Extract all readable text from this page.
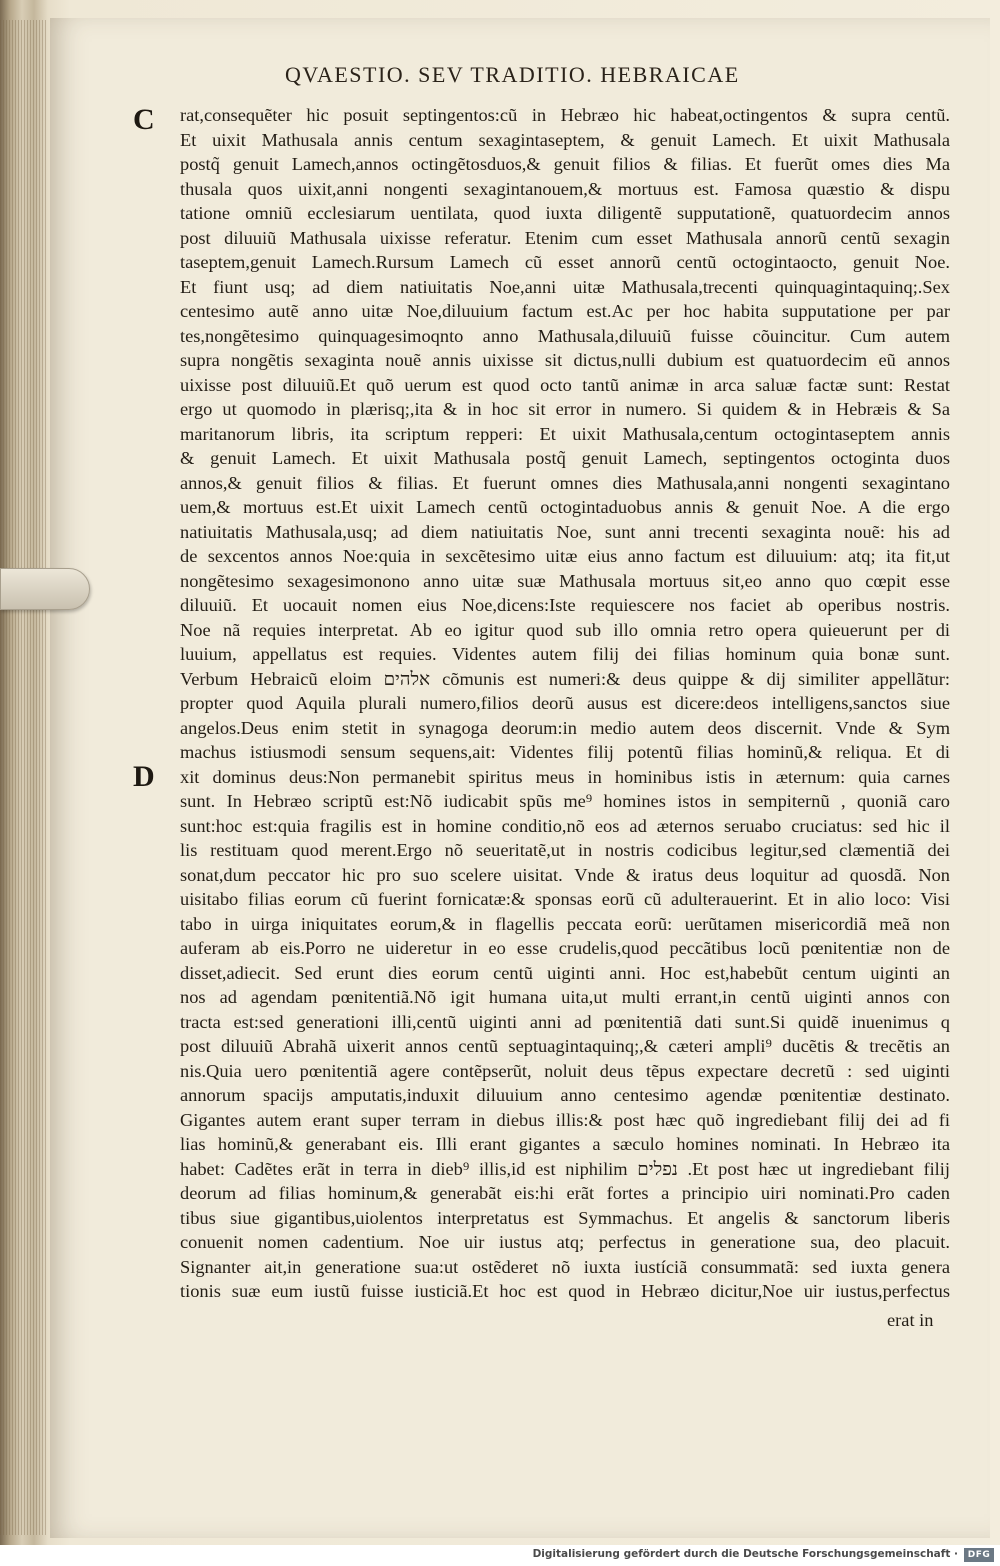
QVAESTIO. SEV TRADITIO. HEBRAICAE
C
D
rat,consequẽter hic posuit septingentos:cũ in Hebræo hic habeat,octingentos & supra centũ.
Et uixit Mathusala annis centum sexagintaseptem, & genuit Lamech. Et uixit Mathusala
postq̃ genuit Lamech,annos octingẽtosduos,& genuit filios & filias. Et fuerũt omes dies Ma
thusala quos uixit,anni nongenti sexagintanouem,& mortuus est. Famosa quæstio & dispu
tatione omniũ ecclesiarum uentilata, quod iuxta diligentẽ supputationẽ, quatuordecim annos
post diluuiũ Mathusala uixisse referatur. Etenim cum esset Mathusala annorũ centũ sexagin
taseptem,genuit Lamech.Rursum Lamech cũ esset annorũ centũ octogintaocto, genuit Noe.
Et fiunt usq; ad diem natiuitatis Noe,anni uitæ Mathusala,trecenti quinquagintaquinq;.Sex
centesimo autẽ anno uitæ Noe,diluuium factum est.Ac per hoc habita supputatione per par
tes,nongẽtesimo quinquagesimoqnto anno Mathusala,diluuiũ fuisse cõuincitur. Cum autem
supra nongẽtis sexaginta nouẽ annis uixisse sit dictus,nulli dubium est quatuordecim eũ annos
uixisse post diluuiũ.Et quõ uerum est quod octo tantũ animæ in arca saluæ factæ sunt: Restat
ergo ut quomodo in plærisq;,ita & in hoc sit error in numero. Si quidem & in Hebræis & Sa
maritanorum libris, ita scriptum repperi: Et uixit Mathusala,centum octogintaseptem annis
& genuit Lamech. Et uixit Mathusala postq̃ genuit Lamech, septingentos octoginta duos
annos,& genuit filios & filias. Et fuerunt omnes dies Mathusala,anni nongenti sexagintano
uem,& mortuus est.Et uixit Lamech centũ octogintaduobus annis & genuit Noe. A die ergo
natiuitatis Mathusala,usq; ad diem natiuitatis Noe, sunt anni trecenti sexaginta nouẽ: his ad
de sexcentos annos Noe:quia in sexcẽtesimo uitæ eius anno factum est diluuium: atq; ita fit,ut
nongẽtesimo sexagesimonono anno uitæ suæ Mathusala mortuus sit,eo anno quo cœpit esse
diluuiũ. Et uocauit nomen eius Noe,dicens:Iste requiescere nos faciet ab operibus nostris.
Noe nã requies interpretat. Ab eo igitur quod sub illo omnia retro opera quieuerunt per di
luuium, appellatus est requies. Videntes autem filij dei filias hominum quia bonæ sunt.
Verbum Hebraicũ eloim אלהים cõmunis est numeri:& deus quippe & dij similiter appellãtur:
propter quod Aquila plurali numero,filios deorũ ausus est dicere:deos intelligens,sanctos siue
angelos.Deus enim stetit in synagoga deorum:in medio autem deos discernit. Vnde & Sym
machus istiusmodi sensum sequens,ait: Videntes filij potentũ filias hominũ,& reliqua. Et di
xit dominus deus:Non permanebit spiritus meus in hominibus istis in æternum: quia carnes
sunt. In Hebræo scriptũ est:Nõ iudicabit spũs me⁹ homines istos in sempiternũ , quoniã caro
sunt:hoc est:quia fragilis est in homine conditio,nõ eos ad æternos seruabo cruciatus: sed hic il
lis restituam quod merent.Ergo nõ seueritatẽ,ut in nostris codicibus legitur,sed clæmentiã dei
sonat,dum peccator hic pro suo scelere uisitat. Vnde & iratus deus loquitur ad quosdã. Non
uisitabo filias eorum cũ fuerint fornicatæ:& sponsas eorũ cũ adulterauerint. Et in alio loco: Visi
tabo in uirga iniquitates eorum,& in flagellis peccata eorũ: uerũtamen misericordiã meã non
auferam ab eis.Porro ne uideretur in eo esse crudelis,quod peccãtibus locũ pœnitentiæ non de
disset,adiecit. Sed erunt dies eorum centũ uiginti anni. Hoc est,habebũt centum uiginti an
nos ad agendam pœnitentiã.Nõ igit humana uita,ut multi errant,in centũ uiginti annos con
tracta est:sed generationi illi,centũ uiginti anni ad pœnitentiã dati sunt.Si quidẽ inuenimus q
post diluuiũ Abrahã uixerit annos centũ septuagintaquinq;,& cæteri ampli⁹ ducẽtis & trecẽtis an
nis.Quia uero pœnitentiã agere contẽpserũt, noluit deus tẽpus expectare decretũ : sed uiginti
annorum spacijs amputatis,induxit diluuium anno centesimo agendæ pœnitentiæ destinato.
Gigantes autem erant super terram in diebus illis:& post hæc quõ ingrediebant filij dei ad fi
lias hominũ,& generabant eis. Illi erant gigantes a sæculo homines nominati. In Hebræo ita
habet: Cadẽtes erãt in terra in dieb⁹ illis,id est niphilim נפלים .Et post hæc ut ingrediebant filij
deorum ad filias hominum,& generabãt eis:hi erãt fortes a principio uiri nominati.Pro caden
tibus siue gigantibus,uiolentos interpretatus est Symmachus. Et angelis & sanctorum liberis
conuenit nomen cadentium. Noe uir iustus atq; perfectus in generatione sua, deo placuit.
Signanter ait,in generatione sua:ut ostẽderet nõ iuxta iustíciã consummatã: sed iuxta genera
tionis suæ eum iustũ fuisse iusticiã.Et hoc est quod in Hebræo dicitur,Noe uir iustus,perfectus
erat in
Digitalisierung gefördert durch die Deutsche Forschungsgemeinschaft ·	DFG
